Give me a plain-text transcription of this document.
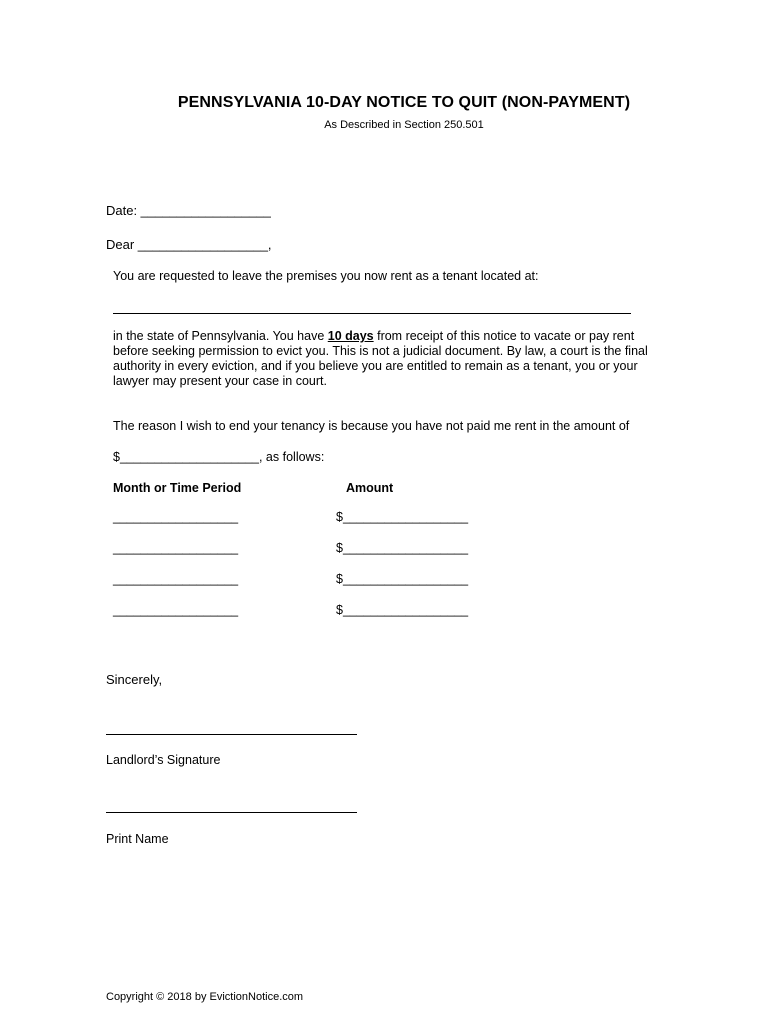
PENNSYLVANIA 10-DAY NOTICE TO QUIT (NON-PAYMENT)
As Described in Section 250.501
Date: __________________
Dear __________________,
You are requested to leave the premises you now rent as a tenant located at:
in the state of Pennsylvania. You have 10 days from receipt of this notice to vacate or pay rent before seeking permission to evict you. This is not a judicial document. By law, a court is the final authority in every eviction, and if you believe you are entitled to remain as a tenant, you or your lawyer may present your case in court.
The reason I wish to end your tenancy is because you have not paid me rent in the amount of
$____________________, as follows:
Month or Time Period	Amount
__________________	$__________________
__________________	$__________________
__________________	$__________________
__________________	$__________________
Sincerely,
Landlord’s Signature
Print Name
Copyright © 2018 by EvictionNotice.com
